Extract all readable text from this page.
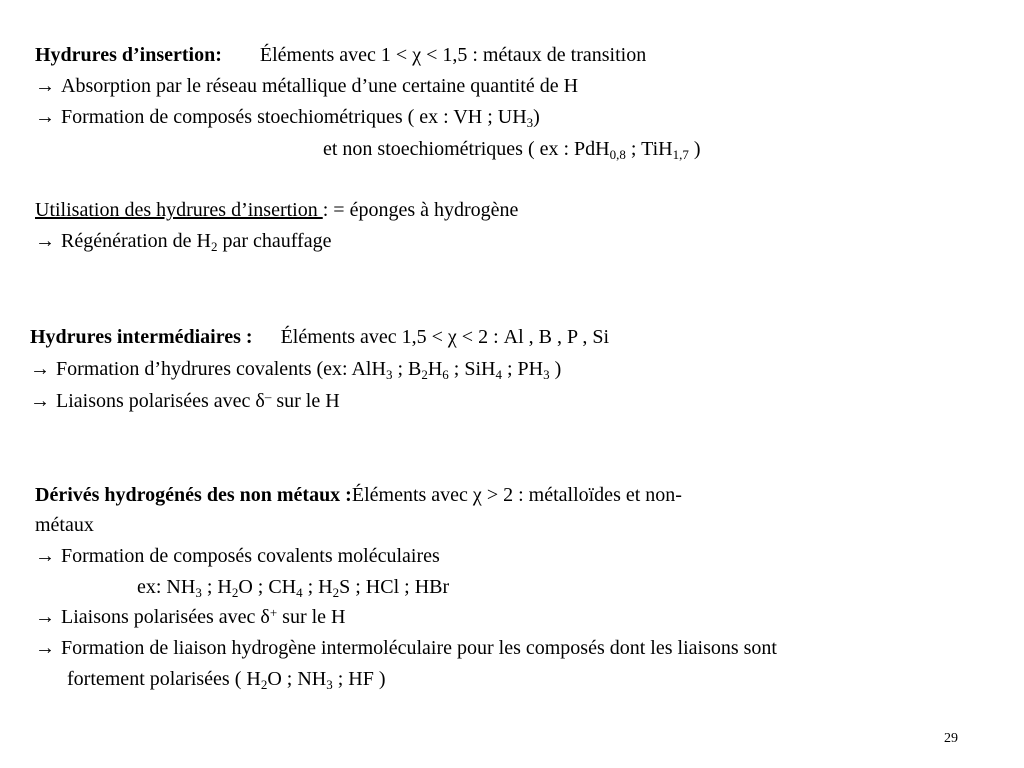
Hydrures d’insertion: Éléments avec 1 < χ < 1,5 : métaux de transition
→ Absorption par le réseau métallique d’une certaine quantité de H
→ Formation de composés stoechiométriques ( ex : VH ; $UH_3$)
et non stoechiométriques ( ex : PdH$_{0,8}$ ; TiH$_{1,7}$ )
Utilisation des hydrures d’insertion : = éponges à hydrogène
→ Régénération de $H_2$ par chauffage
Hydrures intermédiaires : Éléments avec 1,5 < χ < 2 : Al , B , P , Si
→ Formation d’hydrures covalents (ex: AlH$_3$ ; $B_2H_6$ ; SiH$_4$ ; $PH_3$ )
→ Liaisons polarisées avec δ– sur le H
Dérivés hydrogénés des non métaux :Éléments avec χ > 2 : métalloïdes et non-
métaux
→ Formation de composés covalents moléculaires
ex: $NH_3$ ; $H_2O$ ; $CH_4$ ; $H_2S$ ; HCl ; HBr
→ Liaisons polarisées avec δ+ sur le H
→ Formation de liaison hydrogène intermoléculaire pour les composés dont les liaisons sont
fortement polarisées ( $H_2O$ ; $NH_3$ ; HF )
29
